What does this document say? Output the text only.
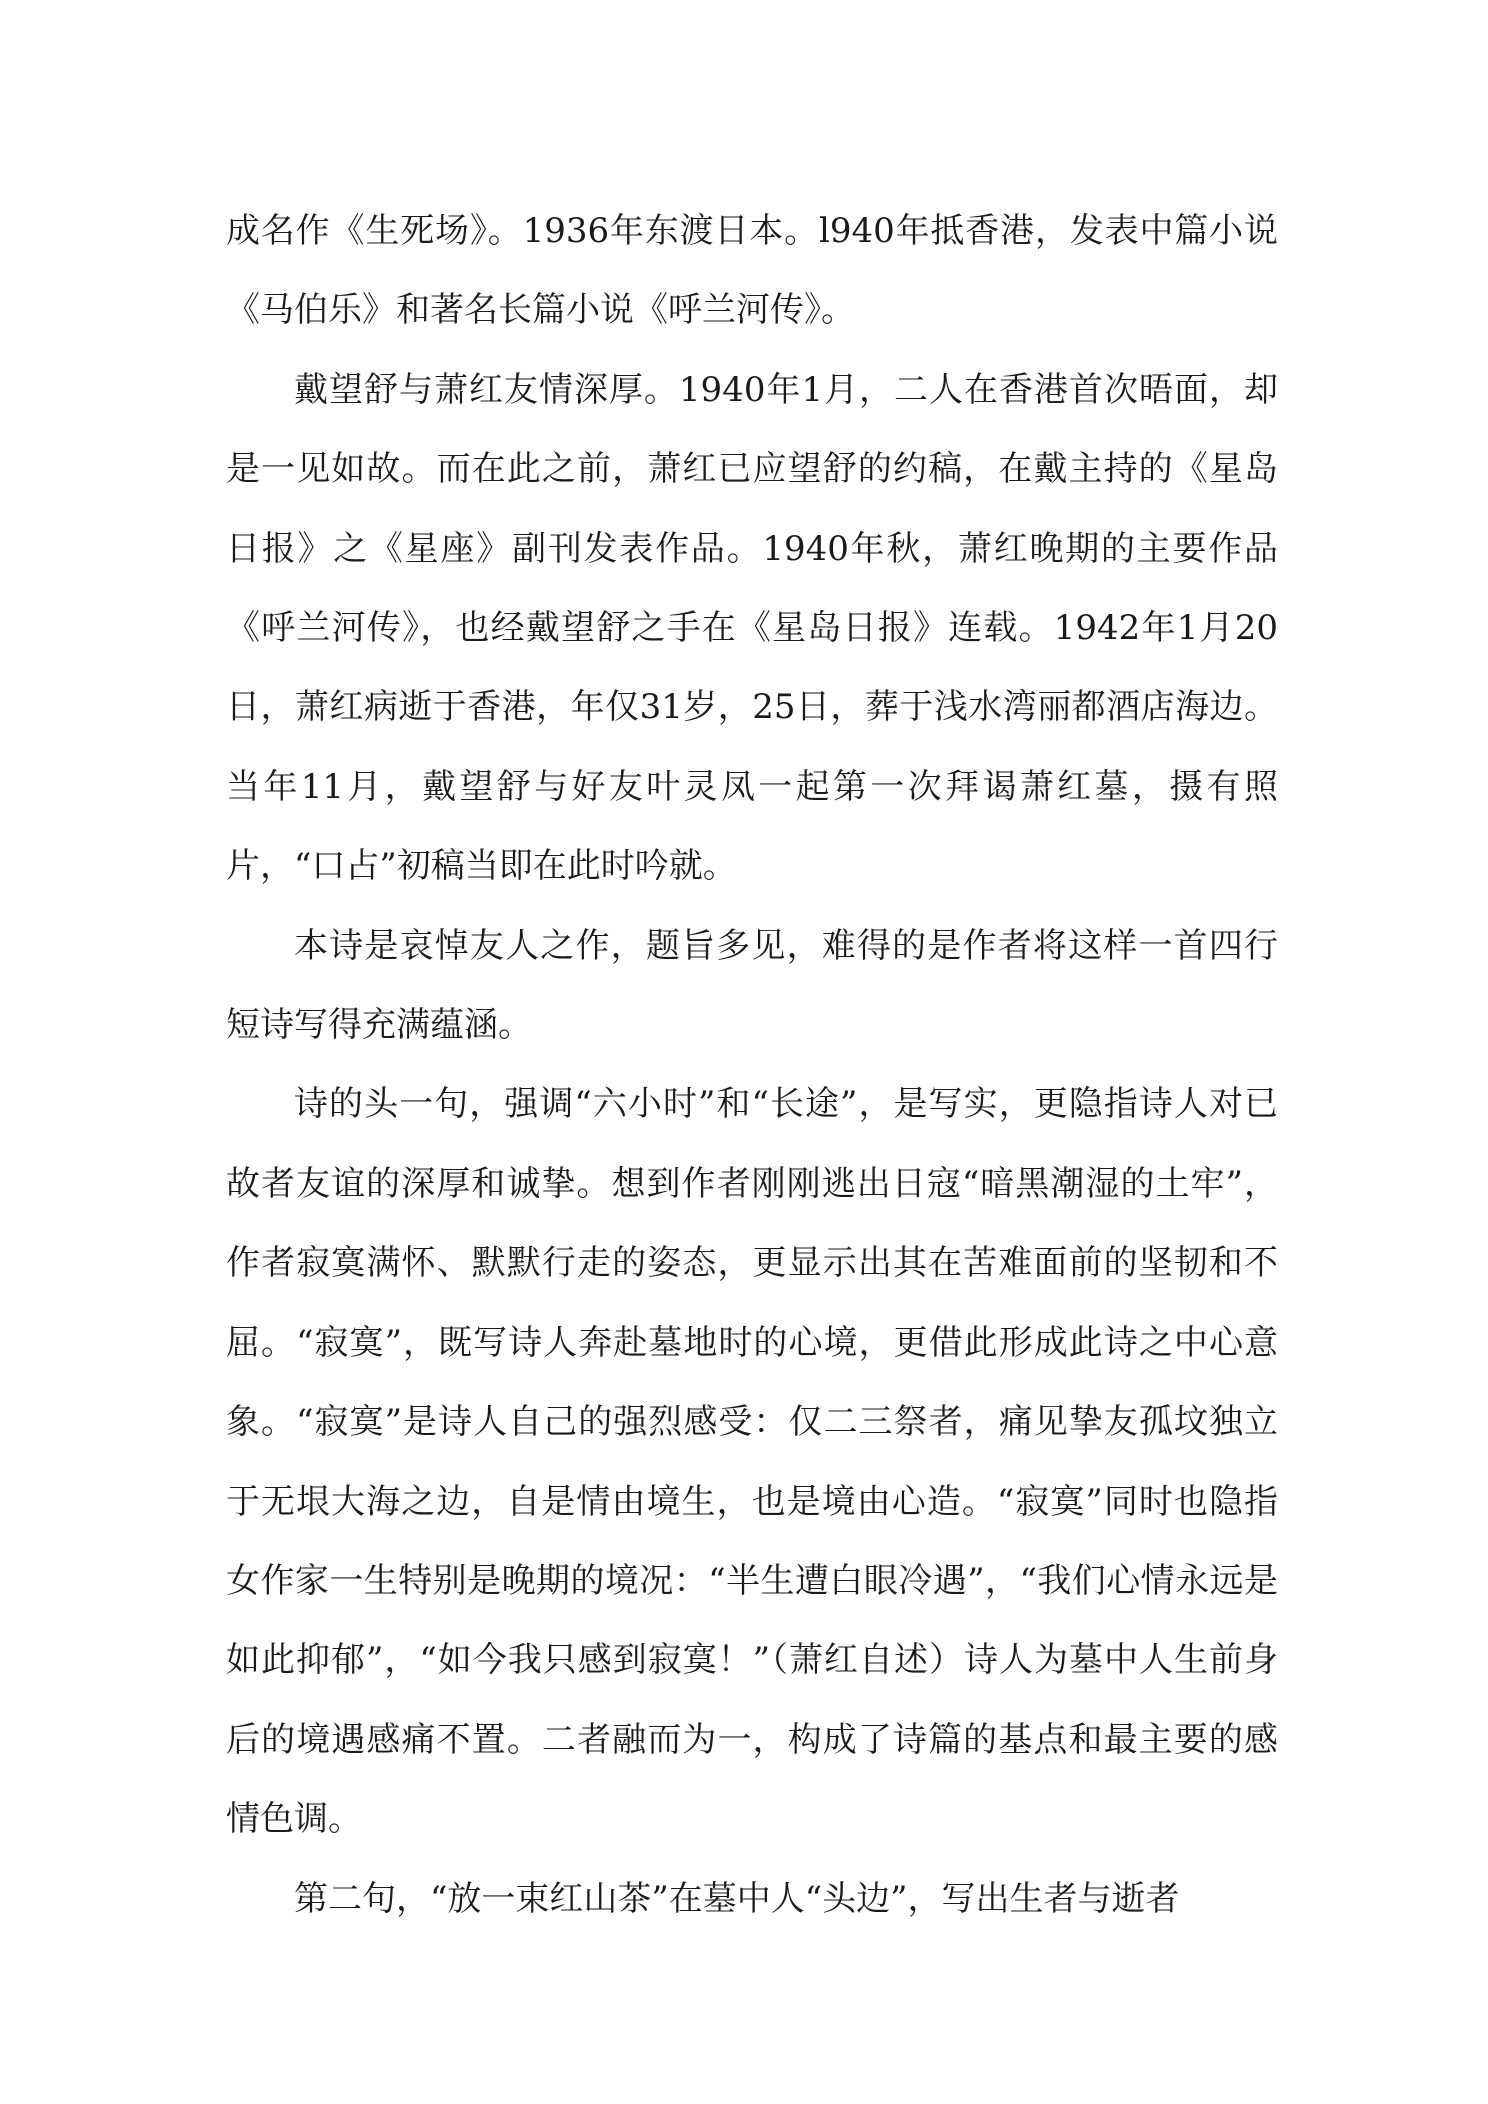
成名作《生死场》。1936年东渡日本。l940年抵香港，发表中篇小说《马伯乐》和著名长篇小说《呼兰河传》。

戴望舒与萧红友情深厚。1940年1月，二人在香港首次晤面，却是一见如故。而在此之前，萧红已应望舒的约稿，在戴主持的《星岛日报》之《星座》副刊发表作品。1940年秋，萧红晚期的主要作品《呼兰河传》，也经戴望舒之手在《星岛日报》连载。1942年1月20日，萧红病逝于香港，年仅31岁，25日，葬于浅水湾丽都酒店海边。当年11月，戴望舒与好友叶灵凤一起第一次拜谒萧红墓，摄有照片，“口占”初稿当即在此时吟就。

本诗是哀悼友人之作，题旨多见，难得的是作者将这样一首四行短诗写得充满蕴涵。

诗的头一句，强调“六小时”和“长途”，是写实，更隐指诗人对已故者友谊的深厚和诚挚。想到作者刚刚逃出日寇“暗黑潮湿的土牢”，作者寂寞满怀、默默行走的姿态，更显示出其在苦难面前的坚韧和不屈。“寂寞”，既写诗人奔赴墓地时的心境，更借此形成此诗之中心意象。“寂寞”是诗人自己的强烈感受：仅二三祭者，痛见挚友孤坟独立于无垠大海之边，自是情由境生，也是境由心造。“寂寞”同时也隐指女作家一生特别是晚期的境况：“半生遭白眼冷遇”，“我们心情永远是如此抑郁”，“如今我只感到寂寞！”（萧红自述）诗人为墓中人生前身后的境遇感痛不置。二者融而为一，构成了诗篇的基点和最主要的感情色调。

第二句，“放一束红山茶”在墓中人“头边”，写出生者与逝者
